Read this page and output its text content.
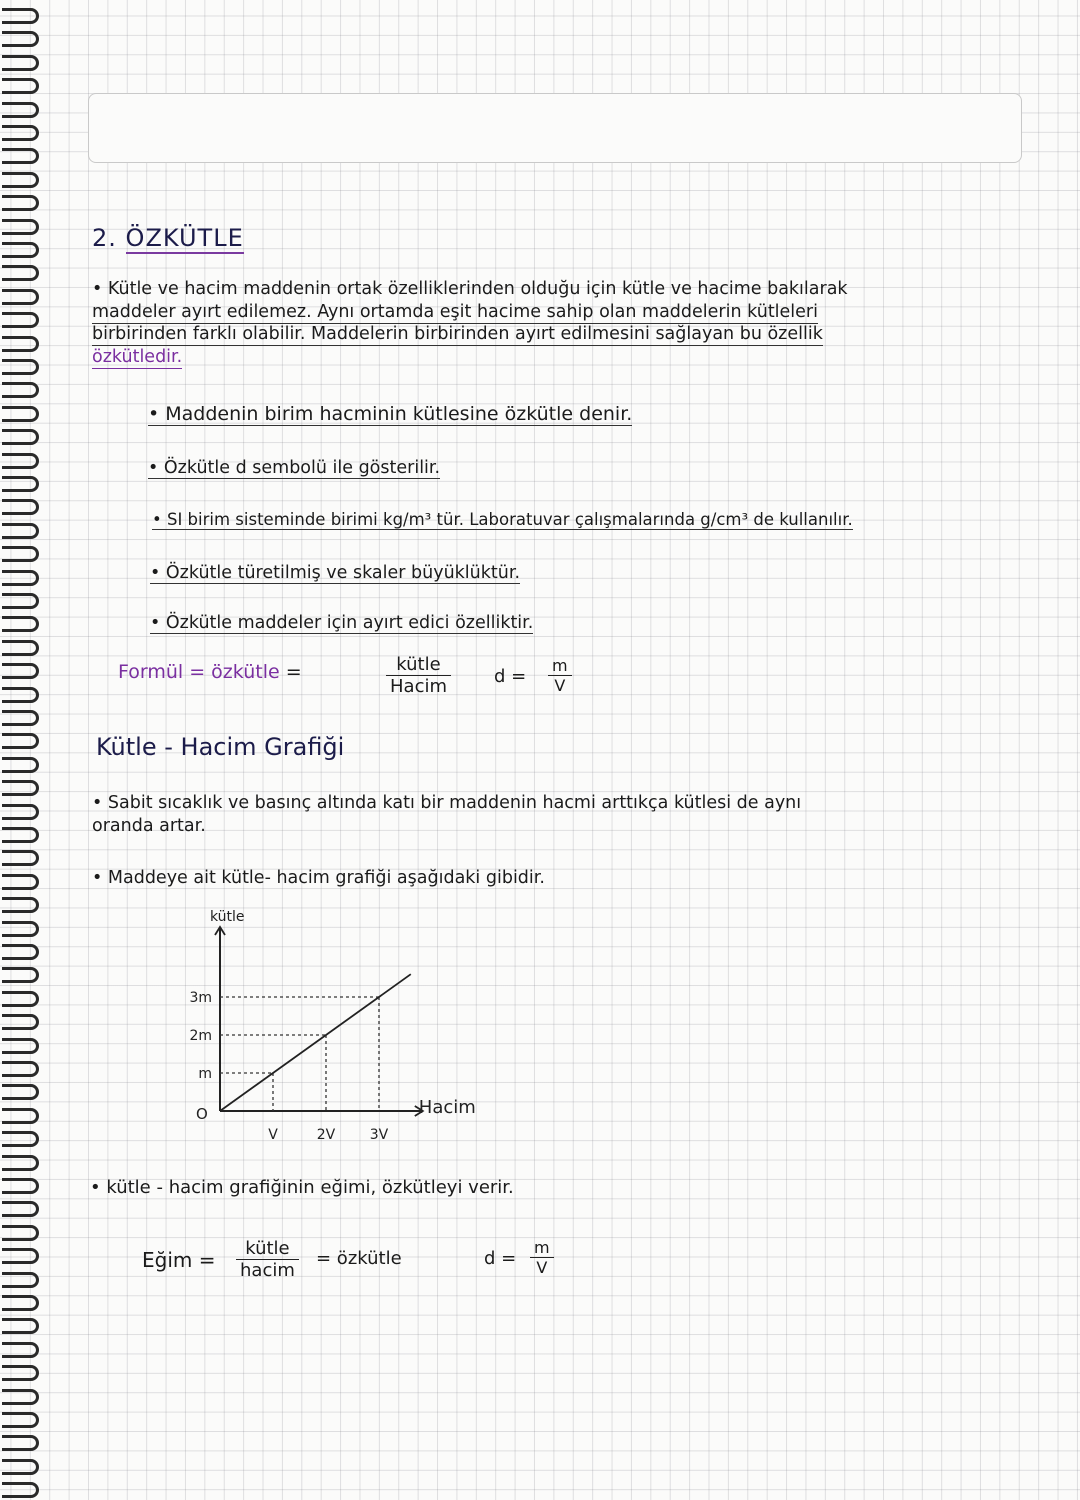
2. ÖZKÜTLE
• Kütle ve hacim maddenin ortak özelliklerinden olduğu için kütle ve hacime bakılarak
maddeler ayırt edilemez. Aynı ortamda eşit hacime sahip olan maddelerin kütleleri
birbirinden farklı olabilir. Maddelerin birbirinden ayırt edilmesini sağlayan bu özellik
özkütledir.
• Maddenin birim hacminin kütlesine özkütle denir.
• Özkütle d sembolü ile gösterilir.
• SI birim sisteminde birimi kg/m³ tür. Laboratuvar çalışmalarında g/cm³ de kullanılır.
• Özkütle türetilmiş ve skaler büyüklüktür.
• Özkütle maddeler için ayırt edici özelliktir.
Formül = özkütle =	$\frac{\text{kütle}}{\text{Hacim}}$ $d = \frac{m}{V}$
Kütle - Hacim Grafiği
• Sabit sıcaklık ve basınç altında katı bir maddenin hacmi arttıkça kütlesi de aynı
oranda artar.
• Maddeye ait kütle- hacim grafiği aşağıdaki gibidir.
m
2m
3m
V	2V 3V
O	Hacim
kütle
• kütle - hacim grafiğinin eğimi, özkütleyi verir.
Eğim = $\frac{\text{kütle}}{\text{hacim}}$ = özkütle	$d = \frac{m}{V}$
